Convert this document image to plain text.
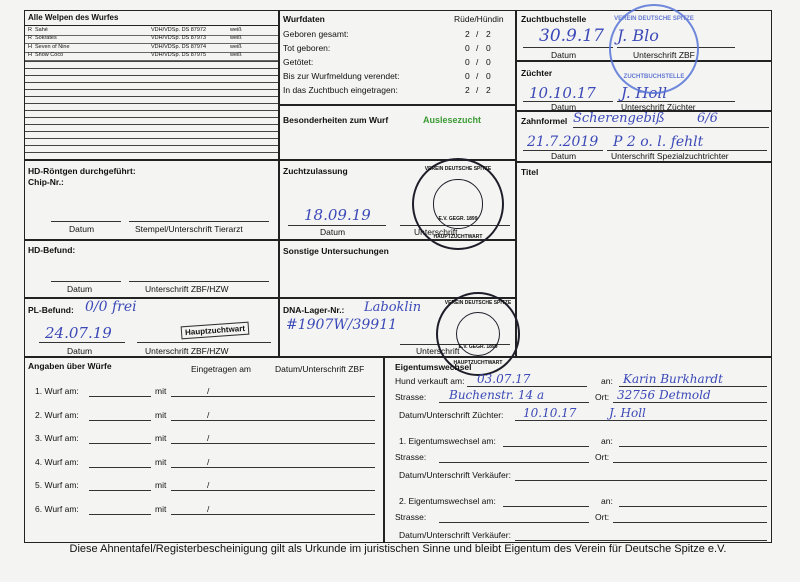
Alle Welpen des Wurfes
R Sahé	VDH/VDSp. DS 87972	weiß
R Sokrates	VDH/VDSp. DS 87973	weiß
H Seven of Nine	VDH/VDSp. DS 87974	weiß
H Snow Coco	VDH/VDSp. DS 87975	weiß
Wurfdaten	Rüde/Hündin
Geboren gesamt:	2 / 2
Tot geboren:	0 / 0
Getötet:	0 / 0
Bis zur Wurfmeldung verendet:	0 / 0
In das Zuchtbuch eingetragen:	2 / 2
Zuchtbuchstelle
30.9.17 J. Blo
Datum	Unterschrift ZBF
Züchter
10.10.17 J. Holl
Datum	Unterschrift Züchter
VEREIN DEUTSCHE SPITZE
ZUCHTBUCHSTELLE
Besonderheiten zum Wurf	Auslesezucht	Zahnformel Scherengebiß 6/6
21.7.2019 P 2 o. l. fehlt
Datum	Unterschrift Spezialzuchtrichter
Titel
HD-Röntgen durchgeführt:
Chip-Nr.:
Datum	Stempel/Unterschrift Tierarzt
Zuchtzulassung
18.09.19
Datum	Unterschrift
HD-Befund:
Datum	Unterschrift ZBF/HZW
Sonstige Untersuchungen
PL-Befund: 0/0 frei
24.07.19	Hauptzuchtwart
Datum	Unterschrift ZBF/HZW
DNA-Lager-Nr.: Laboklin
#1907W/39911
Unterschrift
VEREIN DEUTSCHE SPITZE
E.V. GEGR. 1899
HAUPTZUCHTWART
VEREIN DEUTSCHE SPITZE
E.V. GEGR. 1899
HAUPTZUCHTWART
Angaben über Würfe	Eingetragen am	Datum/Unterschrift ZBF
1. Wurf am:	mit	/
2. Wurf am:	mit	/
3. Wurf am:	mit	/
4. Wurf am:	mit	/
5. Wurf am:	mit	/
6. Wurf am:	mit	/
Eigentumswechsel
Hund verkauft am: 03.07.17	an: Karin Burkhardt
Strasse: Buchenstr. 14 a	Ort: 32756 Detmold
Datum/Unterschrift Züchter: 10.10.17	J. Holl
1. Eigentumswechsel am:	an:
Strasse:	Ort:
Datum/Unterschrift Verkäufer:
2. Eigentumswechsel am:	an:
Strasse:	Ort:
Datum/Unterschrift Verkäufer:
Diese Ahnentafel/Registerbescheinigung gilt als Urkunde im juristischen Sinne und bleibt Eigentum des Verein für Deutsche Spitze e.V.
